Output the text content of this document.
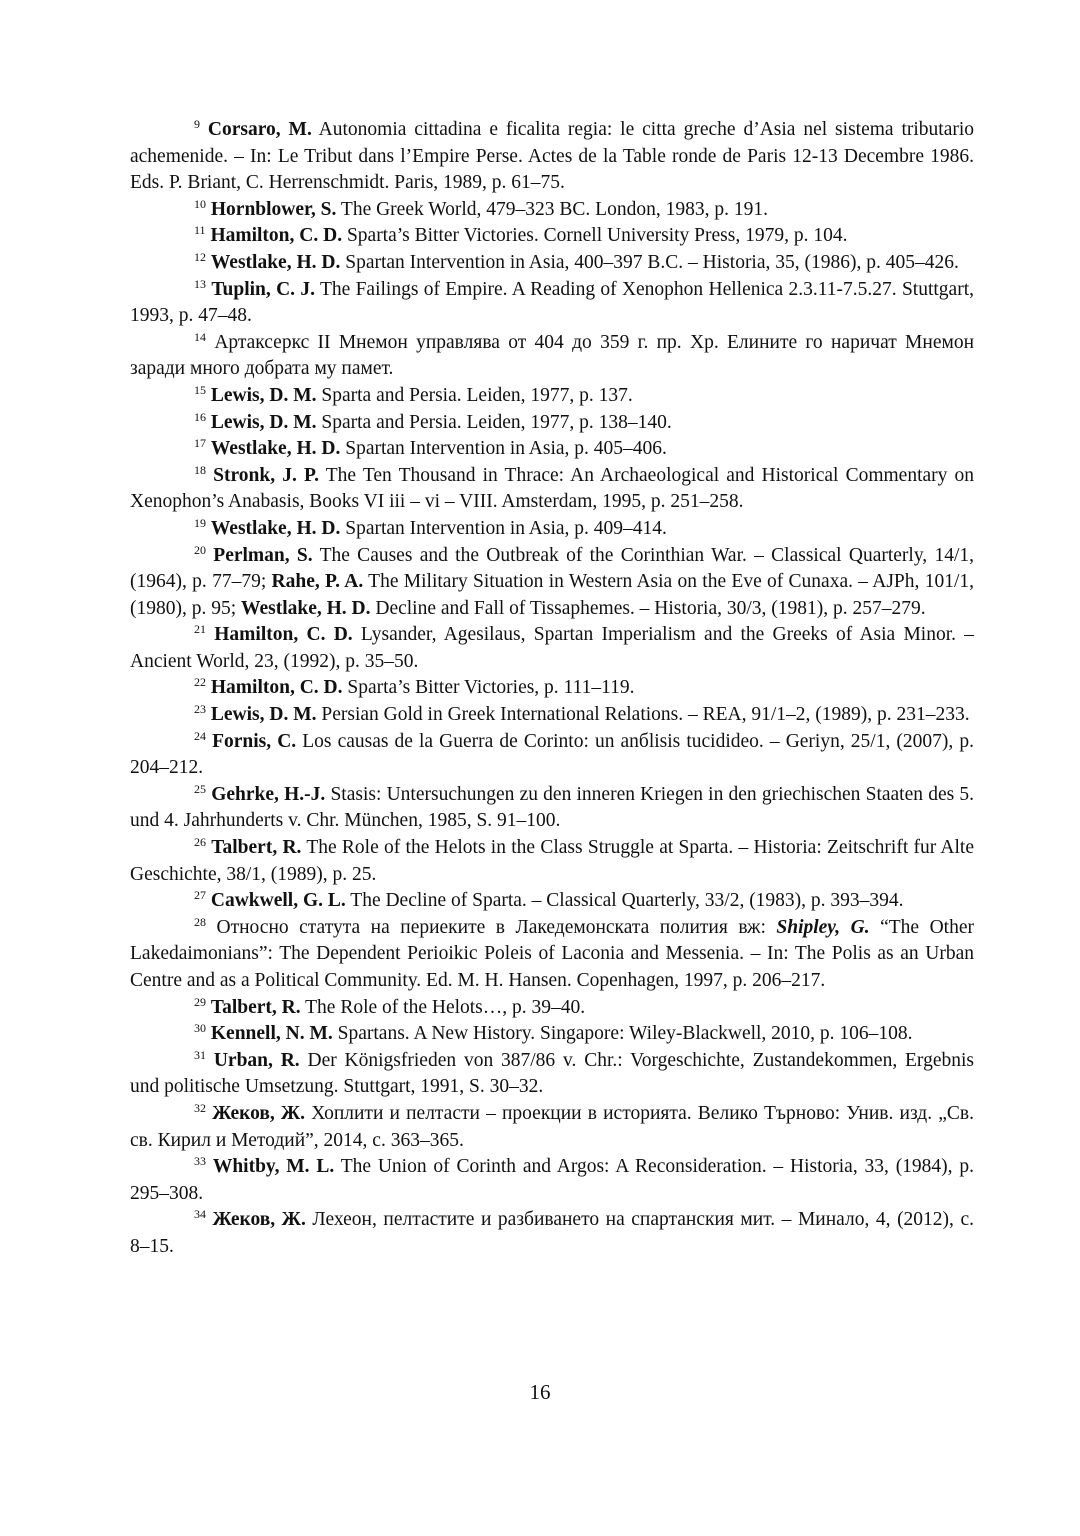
$^9$ Corsaro, M. Autonomia cittadina e ficalita regia: le citta greche d’Asia nel sistema tributario achemenide. – In: Le Tribut dans l’Empire Perse. Actes de la Table ronde de Paris 12-13 Decembre 1986. Eds. P. Briant, C. Herrenschmidt. Paris, 1989, p. 61–75.

$^{10}$ Hornblower, S. The Greek World, 479–323 BC. London, 1983, p. 191.

$^{11}$ Hamilton, C. D. Sparta’s Bitter Victories. Cornell University Press, 1979, p. 104.

$^{12}$ Westlake, H. D. Spartan Intervention in Asia, 400–397 B.C. – Historia, 35, (1986), p. 405–426.

$^{13}$ Tuplin, C. J. The Failings of Empire. A Reading of Xenophon Hellenica 2.3.11-7.5.27. Stuttgart, 1993, p. 47–48.

$^{14}$ Артаксеркс II Мнемон управлява от 404 до 359 г. пр. Хр. Елините го наричат Мнемон заради много добрата му памет.

$^{15}$ Lewis, D. M. Sparta and Persia. Leiden, 1977, p. 137.

$^{16}$ Lewis, D. M. Sparta and Persia. Leiden, 1977, p. 138–140.

$^{17}$ Westlake, H. D. Spartan Intervention in Asia, p. 405–406.

$^{18}$ Stronk, J. P. The Ten Thousand in Thrace: An Archaeological and Historical Commentary on Xenophon’s Anabasis, Books VI iii – vi – VIII. Amsterdam, 1995, p. 251–258.

$^{19}$ Westlake, H. D. Spartan Intervention in Asia, p. 409–414.

$^{20}$ Perlman, S. The Causes and the Outbreak of the Corinthian War. – Classical Quarterly, 14/1, (1964), p. 77–79; Rahe, P. A. The Military Situation in Western Asia on the Eve of Cunaxa. – AJPh, 101/1, (1980), p. 95; Westlake, H. D. Decline and Fall of Tissaphemes. – Historia, 30/3, (1981), p. 257–279.

$^{21}$ Hamilton, C. D. Lysander, Agesilaus, Spartan Imperialism and the Greeks of Asia Minor. – Ancient World, 23, (1992), p. 35–50.

$^{22}$ Hamilton, C. D. Sparta’s Bitter Victories, p. 111–119.

$^{23}$ Lewis, D. M. Persian Gold in Greek International Relations. – REA, 91/1–2, (1989), p. 231–233.

$^{24}$ Fornis, C. Los causas de la Guerra de Corinto: un anбlisis tucidideo. – Geriyn, 25/1, (2007), p. 204–212.

$^{25}$ Gehrke, H.-J. Stasis: Untersuchungen zu den inneren Kriegen in den griechischen Staaten des 5. und 4. Jahrhunderts v. Chr. München, 1985, S. 91–100.

$^{26}$ Talbert, R. The Role of the Helots in the Class Struggle at Sparta. – Historia: Zeitschrift fur Alte Geschichte, 38/1, (1989), p. 25.

$^{27}$ Cawkwell, G. L. The Decline of Sparta. – Classical Quarterly, 33/2, (1983), p. 393–394.

$^{28}$ Относно статута на периеките в Лакедемонската полития вж: Shipley, G. “The Other Lakedaimonians”: The Dependent Perioikic Poleis of Laconia and Messenia. – In: The Polis as an Urban Centre and as a Political Community. Ed. M. H. Hansen. Copenhagen, 1997, p. 206–217.

$^{29}$ Talbert, R. The Role of the Helots…, p. 39–40.

$^{30}$ Kennell, N. M. Spartans. A New History. Singapore: Wiley-Blackwell, 2010, p. 106–108.

$^{31}$ Urban, R. Der Königsfrieden von 387/86 v. Chr.: Vorgeschichte, Zustandekommen, Ergebnis und politische Umsetzung. Stuttgart, 1991, S. 30–32.

$^{32}$ Жеков, Ж. Хоплити и пелтасти – проекции в историята. Велико Търново: Унив. изд. „Св. св. Кирил и Методий”, 2014, с. 363–365.

$^{33}$ Whitby, M. L. The Union of Corinth and Argos: A Reconsideration. – Historia, 33, (1984), p. 295–308.

$^{34}$ Жеков, Ж. Лехеон, пелтастите и разбиването на спартанския мит. – Минало, 4, (2012), с. 8–15.

16
